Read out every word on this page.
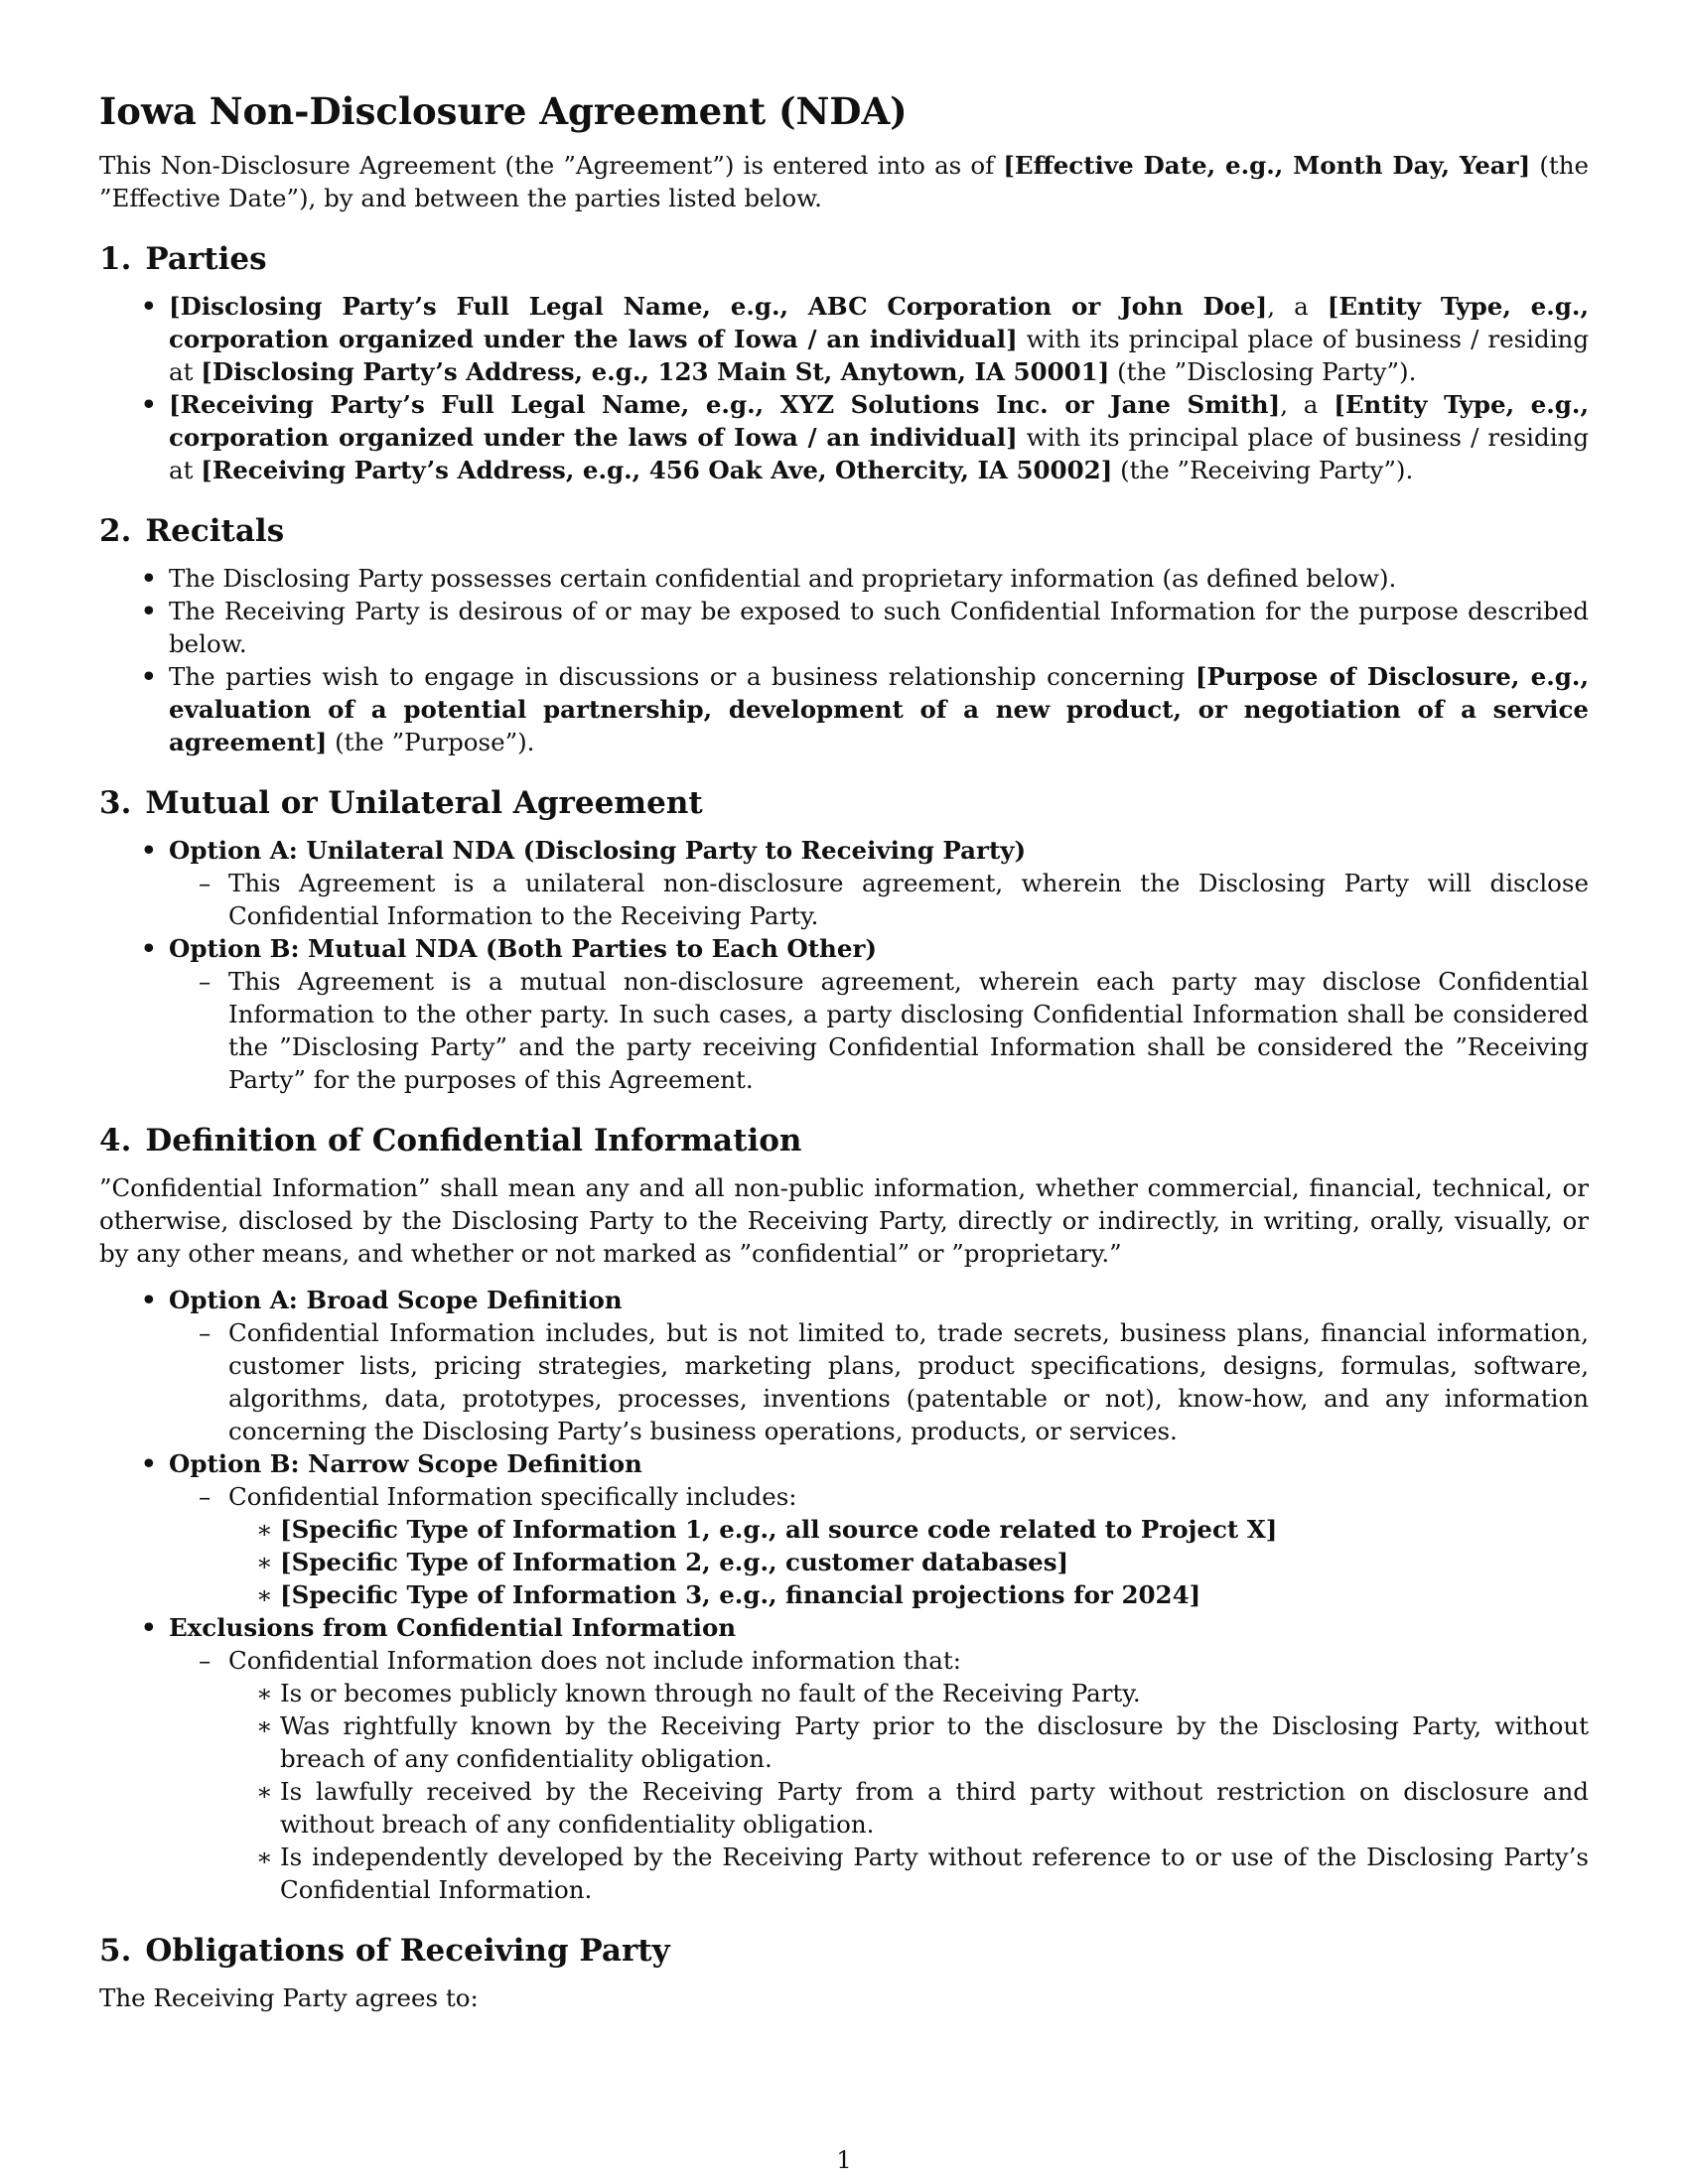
Iowa Non-Disclosure Agreement (NDA)

This Non-Disclosure Agreement (the ”Agreement”) is entered into as of [Effective Date, e.g., Month Day, Year] (the ”Effective Date”), by and between the parties listed below.

1. Parties
• [Disclosing Party’s Full Legal Name, e.g., ABC Corporation or John Doe], a [Entity Type, e.g., corporation organized under the laws of Iowa / an individual] with its principal place of business / residing at [Disclosing Party’s Address, e.g., 123 Main St, Anytown, IA 50001] (the ”Disclosing Party”).
• [Receiving Party’s Full Legal Name, e.g., XYZ Solutions Inc. or Jane Smith], a [Entity Type, e.g., corporation organized under the laws of Iowa / an individual] with its principal place of business / residing at [Receiving Party’s Address, e.g., 456 Oak Ave, Othercity, IA 50002] (the ”Receiving Party”).
2. Recitals
• The Disclosing Party possesses certain confidential and proprietary information (as defined below).
• The Receiving Party is desirous of or may be exposed to such Confidential Information for the purpose described below.
• The parties wish to engage in discussions or a business relationship concerning [Purpose of Disclosure, e.g., evaluation of a potential partnership, development of a new product, or negotiation of a service agreement] (the ”Purpose”).
3. Mutual or Unilateral Agreement
• Option A: Unilateral NDA (Disclosing Party to Receiving Party)
– This Agreement is a unilateral non-disclosure agreement, wherein the Disclosing Party will disclose Confidential Information to the Receiving Party.
• Option B: Mutual NDA (Both Parties to Each Other)
– This Agreement is a mutual non-disclosure agreement, wherein each party may disclose Confidential Information to the other party. In such cases, a party disclosing Confidential Information shall be considered the ”Disclosing Party” and the party receiving Confidential Information shall be considered the ”Receiving Party” for the purposes of this Agreement.
4. Definition of Confidential Information

”Confidential Information” shall mean any and all non-public information, whether commercial, financial, technical, or otherwise, disclosed by the Disclosing Party to the Receiving Party, directly or indirectly, in writing, orally, visually, or by any other means, and whether or not marked as ”confidential” or ”proprietary.”

• Option A: Broad Scope Definition
– Confidential Information includes, but is not limited to, trade secrets, business plans, financial information, customer lists, pricing strategies, marketing plans, product specifications, designs, formulas, software, algorithms, data, prototypes, processes, inventions (patentable or not), know-how, and any information concerning the Disclosing Party’s business operations, products, or services.
• Option B: Narrow Scope Definition
– Confidential Information specifically includes:
∗ [Specific Type of Information 1, e.g., all source code related to Project X]
∗ [Specific Type of Information 2, e.g., customer databases]
∗ [Specific Type of Information 3, e.g., financial projections for 2024]
• Exclusions from Confidential Information
– Confidential Information does not include information that:
∗ Is or becomes publicly known through no fault of the Receiving Party.
∗ Was rightfully known by the Receiving Party prior to the disclosure by the Disclosing Party, without breach of any confidentiality obligation.
∗ Is lawfully received by the Receiving Party from a third party without restriction on disclosure and without breach of any confidentiality obligation.
∗ Is independently developed by the Receiving Party without reference to or use of the Disclosing Party’s Confidential Information.
5. Obligations of Receiving Party

The Receiving Party agrees to:

1
